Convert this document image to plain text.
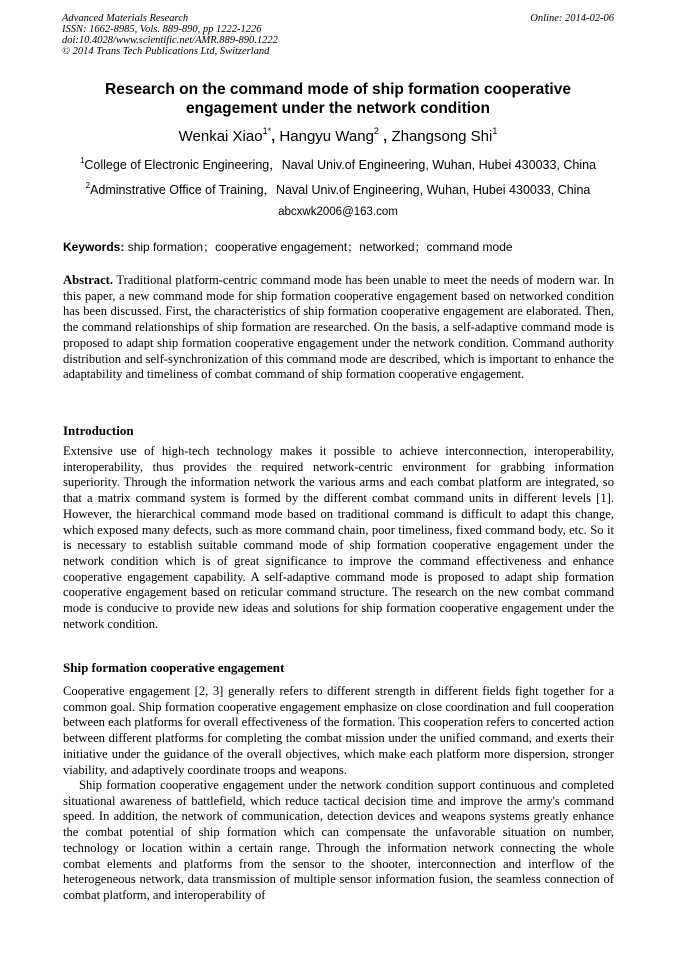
Advanced Materials Research
ISSN: 1662-8985, Vols. 889-890, pp 1222-1226
doi:10.4028/www.scientific.net/AMR.889-890.1222
© 2014 Trans Tech Publications Ltd, Switzerland
Online: 2014-02-06
Research on the command mode of ship formation cooperative engagement under the network condition
Wenkai Xiao$^{1*}$, Hangyu Wang$^2$ , Zhangsong Shi$^1$
$^1$College of Electronic Engineering，Naval Univ.of Engineering, Wuhan, Hubei 430033, China
$^2$Adminstrative Office of Training，Naval Univ.of Engineering, Wuhan, Hubei 430033, China
abcxwk2006@163.com
Keywords: ship formation；cooperative engagement；networked；command mode
Abstract. Traditional platform-centric command mode has been unable to meet the needs of modern war. In this paper, a new command mode for ship formation cooperative engagement based on networked condition has been discussed. First, the characteristics of ship formation cooperative engagement are elaborated. Then, the command relationships of ship formation are researched. On the basis, a self-adaptive command mode is proposed to adapt ship formation cooperative engagement under the network condition. Command authority distribution and self-synchronization of this command mode are described, which is important to enhance the adaptability and timeliness of combat command of ship formation cooperative engagement.
Introduction
Extensive use of high-tech technology makes it possible to achieve interconnection, interoperability, interoperability, thus provides the required network-centric environment for grabbing information superiority. Through the information network the various arms and each combat platform are integrated, so that a matrix command system is formed by the different combat command units in different levels [1]. However, the hierarchical command mode based on traditional command is difficult to adapt this change, which exposed many defects, such as more command chain, poor timeliness, fixed command body, etc. So it is necessary to establish suitable command mode of ship formation cooperative engagement under the network condition which is of great significance to improve the command effectiveness and enhance cooperative engagement capability. A self-adaptive command mode is proposed to adapt ship formation cooperative engagement based on reticular command structure. The research on the new combat command mode is conducive to provide new ideas and solutions for ship formation cooperative engagement under the network condition.
Ship formation cooperative engagement
Cooperative engagement [2, 3] generally refers to different strength in different fields fight together for a common goal. Ship formation cooperative engagement emphasize on close coordination and full cooperation between each platforms for overall effectiveness of the formation. This cooperation refers to concerted action between different platforms for completing the combat mission under the unified command, and exerts their initiative under the guidance of the overall objectives, which make each platform more dispersion, stronger viability, and adaptively coordinate troops and weapons.
Ship formation cooperative engagement under the network condition support continuous and completed situational awareness of battlefield, which reduce tactical decision time and improve the army's command speed. In addition, the network of communication, detection devices and weapons systems greatly enhance the combat potential of ship formation which can compensate the unfavorable situation on number, technology or location within a certain range. Through the information network connecting the whole combat elements and platforms from the sensor to the shooter, interconnection and interflow of the heterogeneous network, data transmission of multiple sensor information fusion, the seamless connection of combat platform, and interoperability of
